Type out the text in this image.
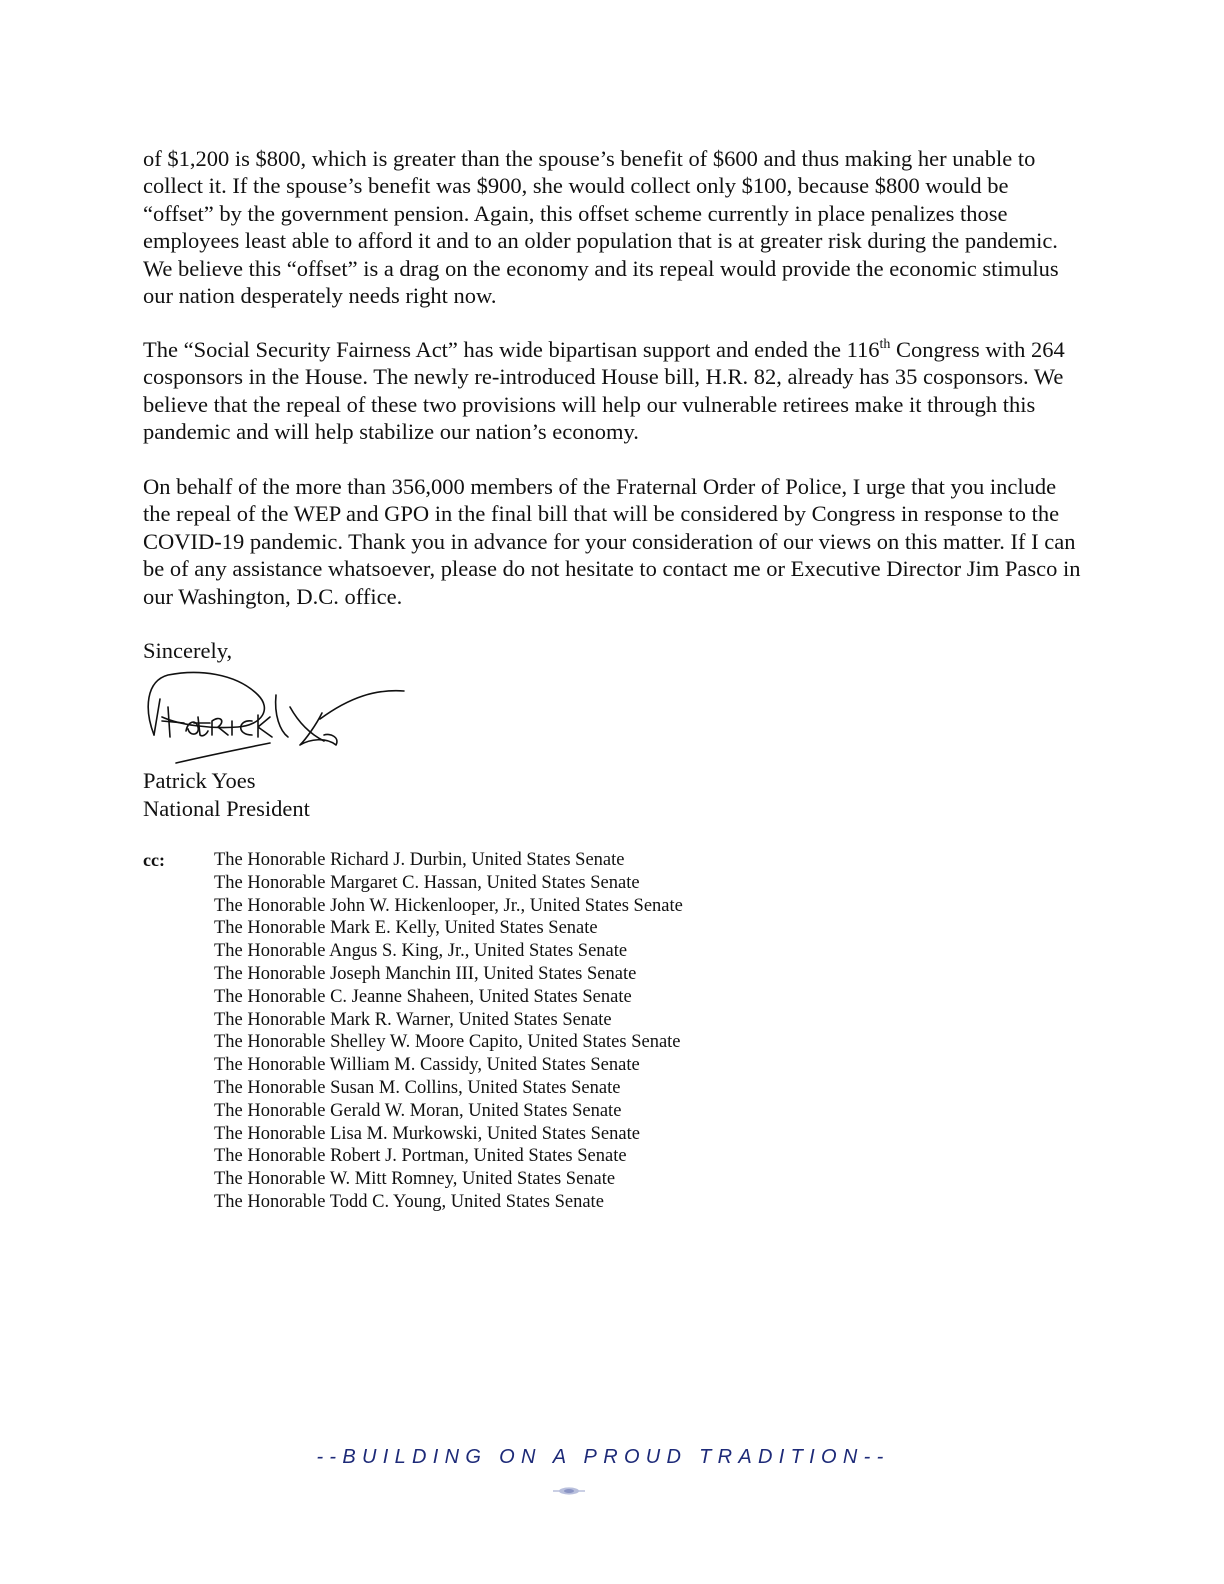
of $1,200 is $800, which is greater than the spouse’s benefit of $600 and thus making her unable to collect it. If the spouse’s benefit was $900, she would collect only $100, because $800 would be “offset” by the government pension. Again, this offset scheme currently in place penalizes those employees least able to afford it and to an older population that is at greater risk during the pandemic. We believe this “offset” is a drag on the economy and its repeal would provide the economic stimulus our nation desperately needs right now.

The “Social Security Fairness Act” has wide bipartisan support and ended the 116th Congress with 264 cosponsors in the House. The newly re-introduced House bill, H.R. 82, already has 35 cosponsors. We believe that the repeal of these two provisions will help our vulnerable retirees make it through this pandemic and will help stabilize our nation’s economy.

On behalf of the more than 356,000 members of the Fraternal Order of Police, I urge that you include the repeal of the WEP and GPO in the final bill that will be considered by Congress in response to the COVID-19 pandemic. Thank you in advance for your consideration of our views on this matter. If I can be of any assistance whatsoever, please do not hesitate to contact me or Executive Director Jim Pasco in our Washington, D.C. office.

Sincerely,
Patrick Yoes
National President
cc:	The Honorable Richard J. Durbin, United States Senate
The Honorable Margaret C. Hassan, United States Senate
The Honorable John W. Hickenlooper, Jr., United States Senate
The Honorable Mark E. Kelly, United States Senate
The Honorable Angus S. King, Jr., United States Senate
The Honorable Joseph Manchin III, United States Senate
The Honorable C. Jeanne Shaheen, United States Senate
The Honorable Mark R. Warner, United States Senate
The Honorable Shelley W. Moore Capito, United States Senate
The Honorable William M. Cassidy, United States Senate
The Honorable Susan M. Collins, United States Senate
The Honorable Gerald W. Moran, United States Senate
The Honorable Lisa M. Murkowski, United States Senate
The Honorable Robert J. Portman, United States Senate
The Honorable W. Mitt Romney, United States Senate
The Honorable Todd C. Young, United States Senate
--BUILDING ON A PROUD TRADITION--
